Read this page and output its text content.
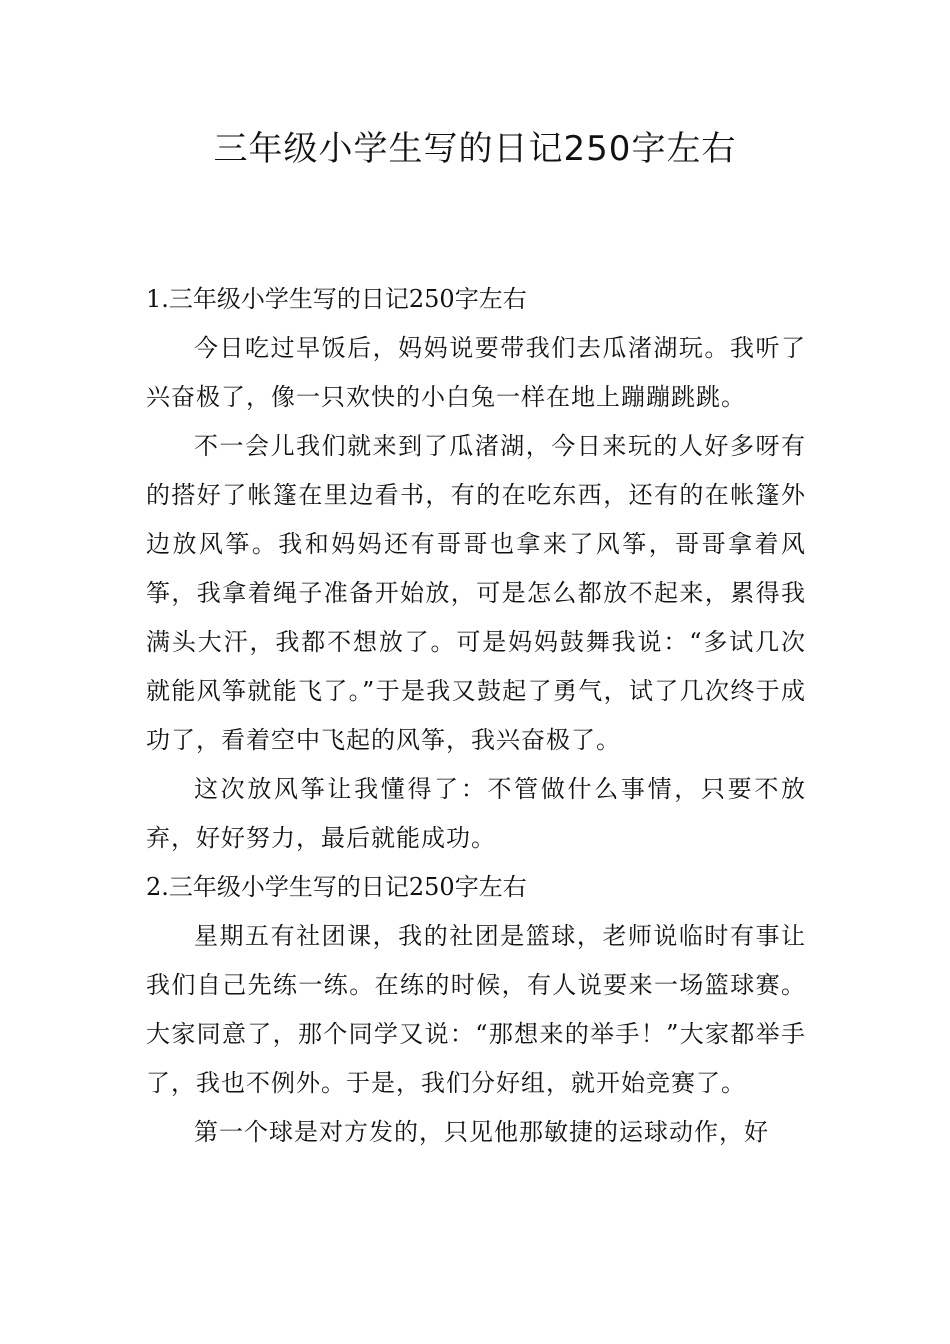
三年级小学生写的日记250字左右
1.三年级小学生写的日记250字左右

今日吃过早饭后，妈妈说要带我们去瓜渚湖玩。我听了兴奋极了，像一只欢快的小白兔一样在地上蹦蹦跳跳。

不一会儿我们就来到了瓜渚湖，今日来玩的人好多呀有的搭好了帐篷在里边看书，有的在吃东西，还有的在帐篷外边放风筝。我和妈妈还有哥哥也拿来了风筝，哥哥拿着风筝，我拿着绳子准备开始放，可是怎么都放不起来，累得我满头大汗，我都不想放了。可是妈妈鼓舞我说：“多试几次就能风筝就能飞了。”于是我又鼓起了勇气，试了几次终于成功了，看着空中飞起的风筝，我兴奋极了。

这次放风筝让我懂得了：不管做什么事情，只要不放弃，好好努力，最后就能成功。

2.三年级小学生写的日记250字左右

星期五有社团课，我的社团是篮球，老师说临时有事让我们自己先练一练。在练的时候，有人说要来一场篮球赛。大家同意了，那个同学又说：“那想来的举手！”大家都举手了，我也不例外。于是，我们分好组，就开始竞赛了。

第一个球是对方发的，只见他那敏捷的运球动作，好
